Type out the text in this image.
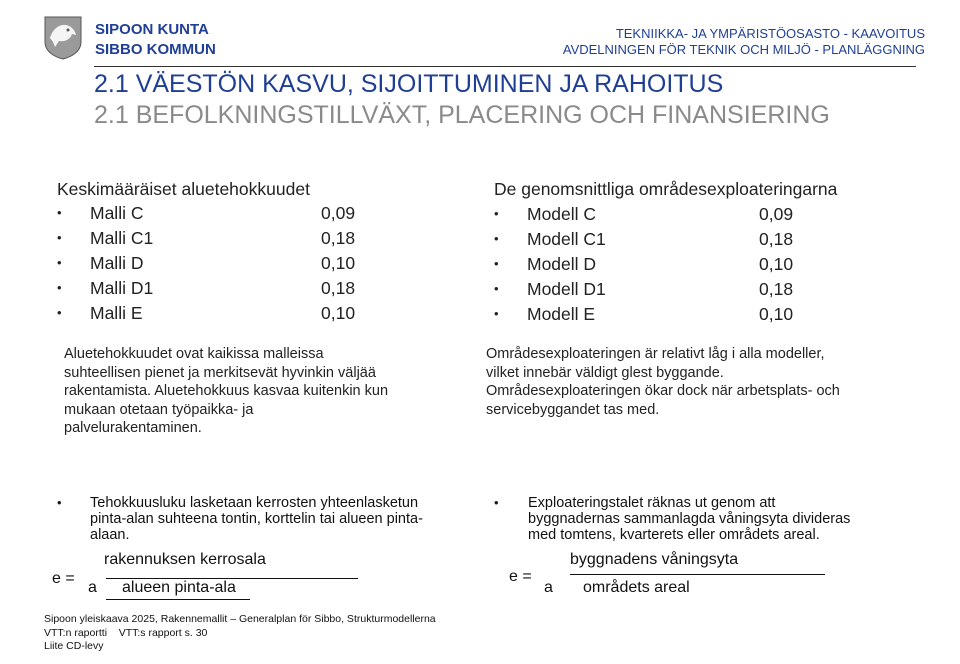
SIPOON KUNTA
SIBBO KOMMUN
TEKNIIKKA- JA YMPÄRISTÖOSASTO - KAAVOITUS
AVDELNINGEN FÖR TEKNIK OCH MILJÖ - PLANLÄGGNING
2.1 VÄESTÖN KASVU, SIJOITTUMINEN JA RAHOITUS
2.1 BEFOLKNINGSTILLVÄXT, PLACERING OCH FINANSIERING
Keskimääräiset aluetehokkuudet
• Malli C	0,09
• Malli C1	0,18
• Malli D	0,10
• Malli D1	0,18
• Malli E	0,10
De genomsnittliga områdesexploateringarna
• Modell C	0,09
• Modell C1	0,18
• Modell D	0,10
• Modell D1	0,18
• Modell E	0,10
Aluetehokkuudet ovat kaikissa malleissa
suhteellisen pienet ja merkitsevät hyvinkin väljää
rakentamista. Aluetehokkuus kasvaa kuitenkin kun
mukaan otetaan työpaikka- ja
palvelurakentaminen.
Områdesexploateringen är relativt låg i alla modeller,
vilket innebär väldigt glest byggande.
Områdesexploateringen ökar dock när arbetsplats- och
servicebyggandet tas med.
• Tehokkuusluku lasketaan kerrosten yhteenlasketun
pinta-alan suhteena tontin, korttelin tai alueen pinta-
alaan.
• Exploateringstalet räknas ut genom att
byggnadernas sammanlagda våningsyta divideras
med tomtens, kvarterets eller områdets areal.
e =
rakennuksen kerrosala
a alueen pinta-ala
e =
byggnadens våningsyta
a områdets areal
Sipoon yleiskaava 2025, Rakennemallit – Generalplan för Sibbo, Strukturmodellerna
VTT:n raportti    VTT:s rapport s. 30
Liite CD-levy
